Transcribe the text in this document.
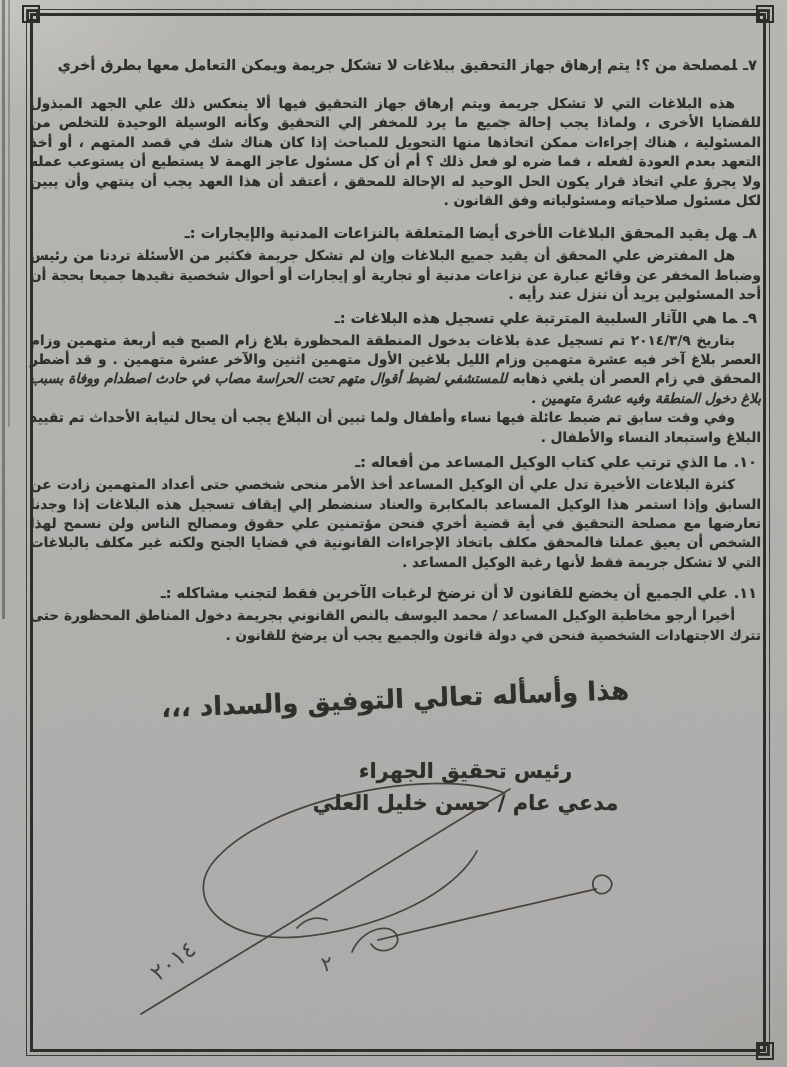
٧ـلمصلحة من ؟! يتم إرهاق جهاز التحقيق ببلاغات لا تشكل جريمة ويمكن التعامل معها بطرق أخري

هذه البلاغات التي لا تشكل جريمة ويتم إرهاق جهاز التحقيق فيها ألا ينعكس ذلك علي الجهد المبذول للقضايا الأخرى ، ولماذا يجب إحالة جميع ما يرد للمخفر إلي التحقيق وكأنه الوسيلة الوحيدة للتخلص من المسئولية ، هناك إجراءات ممكن اتخاذها منها التحويل للمباحث إذا كان هناك شك في قصد المتهم ، أو أخذ التعهد بعدم العودة لفعله ، فما ضره لو فعل ذلك ؟ أم أن كل مسئول عاجز الهمة لا يستطيع أن يستوعب عمله ولا يجرؤ علي اتخاذ قرار يكون الحل الوحيد له الإحالة للمحقق ، أعتقد أن هذا العهد يجب أن ينتهي وأن يبين لكل مسئول صلاحياته ومسئولياته وفق القانون .

٨ـهل يقيد المحقق البلاغات الأخرى أيضا المتعلقة بالنزاعات المدنية والإيجارات :ـ

هل المفترض علي المحقق أن يقيد جميع البلاغات وإن لم تشكل جريمة فكثير من الأسئلة تردنا من رئيس وضباط المخفر عن وقائع عبارة عن نزاعات مدنية أو تجارية أو إيجارات أو أحوال شخصية نقيدها جميعا بحجة أن أحد المسئولين يريد أن ننزل عند رأيه .

٩ـما هي الآثار السلبية المترتبة علي تسجيل هذه البلاغات :ـ

بتاريخ ٢٠١٤/٣/٩ تم تسجيل عدة بلاغات بدخول المنطقة المحظورة بلاغ زام الصبح فيه أربعة متهمين وزام العصر بلاغ آخر فيه عشرة متهمين وزام الليل بلاغين الأول متهمين اثنين والآخر عشرة متهمين . و قد أضطر المحقق في زام العصر أن يلغي ذهابه للمستشفي لضبط أقوال متهم تحت الحراسة مصاب في حادث اصطدام ووفاة بسبب بلاغ دخول المنطقة وفيه عشرة متهمين .

وفي وقت سابق تم ضبط عائلة فيها نساء وأطفال ولما تبين أن البلاغ يجب أن يحال لنيابة الأحداث تم تقييد البلاغ واستبعاد النساء والأطفال .

١٠.ما الذي ترتب علي كتاب الوكيل المساعد من أفعاله :ـ

كثرة البلاغات الأخيرة تدل علي أن الوكيل المساعد أخذ الأمر منحى شخصي حتى أعداد المتهمين زادت عن السابق وإذا استمر هذا الوكيل المساعد بالمكابرة والعناد سنضطر إلي إيقاف تسجيل هذه البلاغات إذا وجدنا تعارضها مع مصلحة التحقيق في أية قضية أخري فنحن مؤتمنين علي حقوق ومصالح الناس ولن نسمح لهذا الشخص أن يعيق عملنا فالمحقق مكلف باتخاذ الإجراءات القانونية في قضايا الجنح ولكنه غير مكلف بالبلاغات التي لا تشكل جريمة فقط لأنها رغبة الوكيل المساعد .

١١.علي الجميع أن يخضع للقانون لا أن نرضخ لرغبات الآخرين فقط لتجنب مشاكله :ـ

أخيرا أرجو مخاطبة الوكيل المساعد / محمد اليوسف بالنص القانوني بجريمة دخول المناطق المحظورة حتى تترك الاجتهادات الشخصية فنحن في دولة قانون والجميع يجب أن يرضخ للقانون .

هذا وأسأله تعالي التوفيق والسداد ،،،
رئيس تحقيق الجهراء
مدعي عام / حسن خليل العلي
٢٠١٤	٢
